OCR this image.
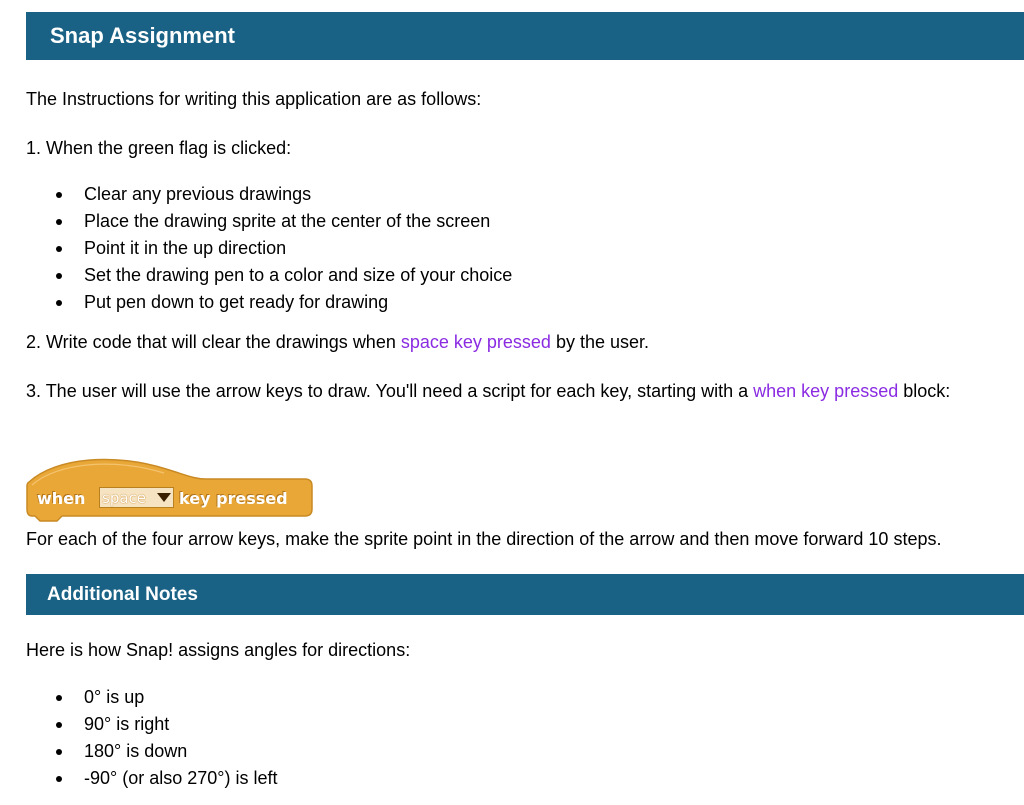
Snap Assignment

The Instructions for writing this application are as follows:

1. When the green flag is clicked:

Clear any previous drawings
Place the drawing sprite at the center of the screen
Point it in the up direction
Set the drawing pen to a color and size of your choice
Put pen down to get ready for drawing

2. Write code that will clear the drawings when space key pressed by the user.

3. The user will use the arrow keys to draw. You'll need a script for each key, starting with a when key pressed block:

when space key pressed

For each of the four arrow keys, make the sprite point in the direction of the arrow and then move forward 10 steps.

Additional Notes

Here is how Snap! assigns angles for directions:

0° is up
90° is right
180° is down
-90° (or also 270°) is left
